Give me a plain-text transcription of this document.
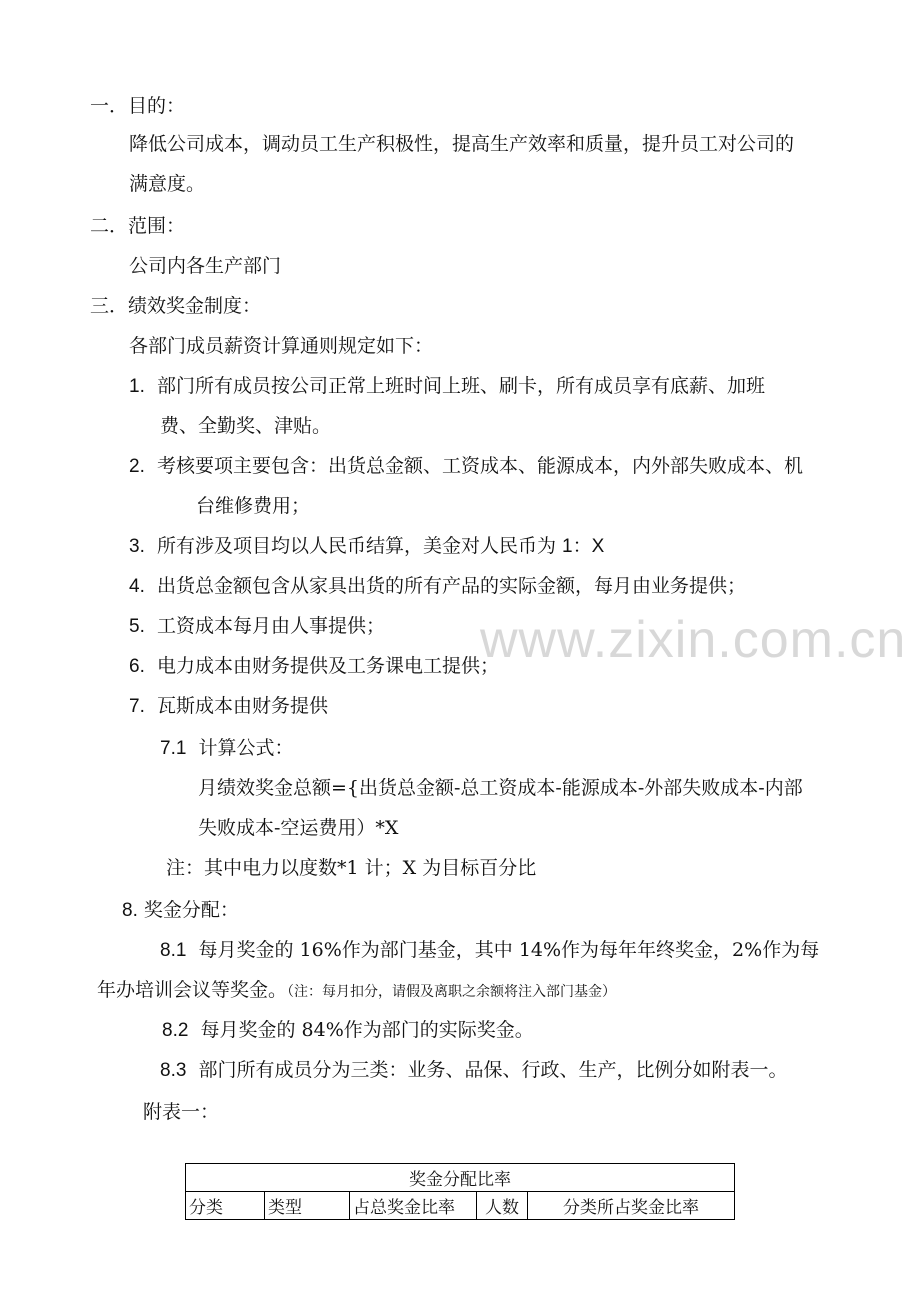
www.zixin.com.cn
一．目的：
降低公司成本，调动员工生产积极性，提高生产效率和质量，提升员工对公司的
满意度。
二．范围：
公司内各生产部门
三．绩效奖金制度：
各部门成员薪资计算通则规定如下：
1. 部门所有成员按公司正常上班时间上班、刷卡，所有成员享有底薪、加班
费、全勤奖、津贴。
2. 考核要项主要包含：出货总金额、工资成本、能源成本，内外部失败成本、机
台维修费用；
3. 所有涉及项目均以人民币结算，美金对人民币为 1：X
4. 出货总金额包含从家具出货的所有产品的实际金额，每月由业务提供；
5. 工资成本每月由人事提供；
6. 电力成本由财务提供及工务课电工提供；
7. 瓦斯成本由财务提供
7.1 计算公式：
月绩效奖金总额={出货总金额-总工资成本-能源成本-外部失败成本-内部
失败成本-空运费用）*X
注：其中电力以度数*1 计；X 为目标百分比
8. 奖金分配：
8.1 每月奖金的 16%作为部门基金，其中 14%作为每年年终奖金，2%作为每
年办培训会议等奖金。（注：每月扣分，请假及离职之余额将注入部门基金）
8.2 每月奖金的 84%作为部门的实际奖金。
8.3 部门所有成员分为三类：业务、品保、行政、生产，比例分如附表一。
附表一：
奖金分配比率
分类	类型	占总奖金比率	人数	分类所占奖金比率
